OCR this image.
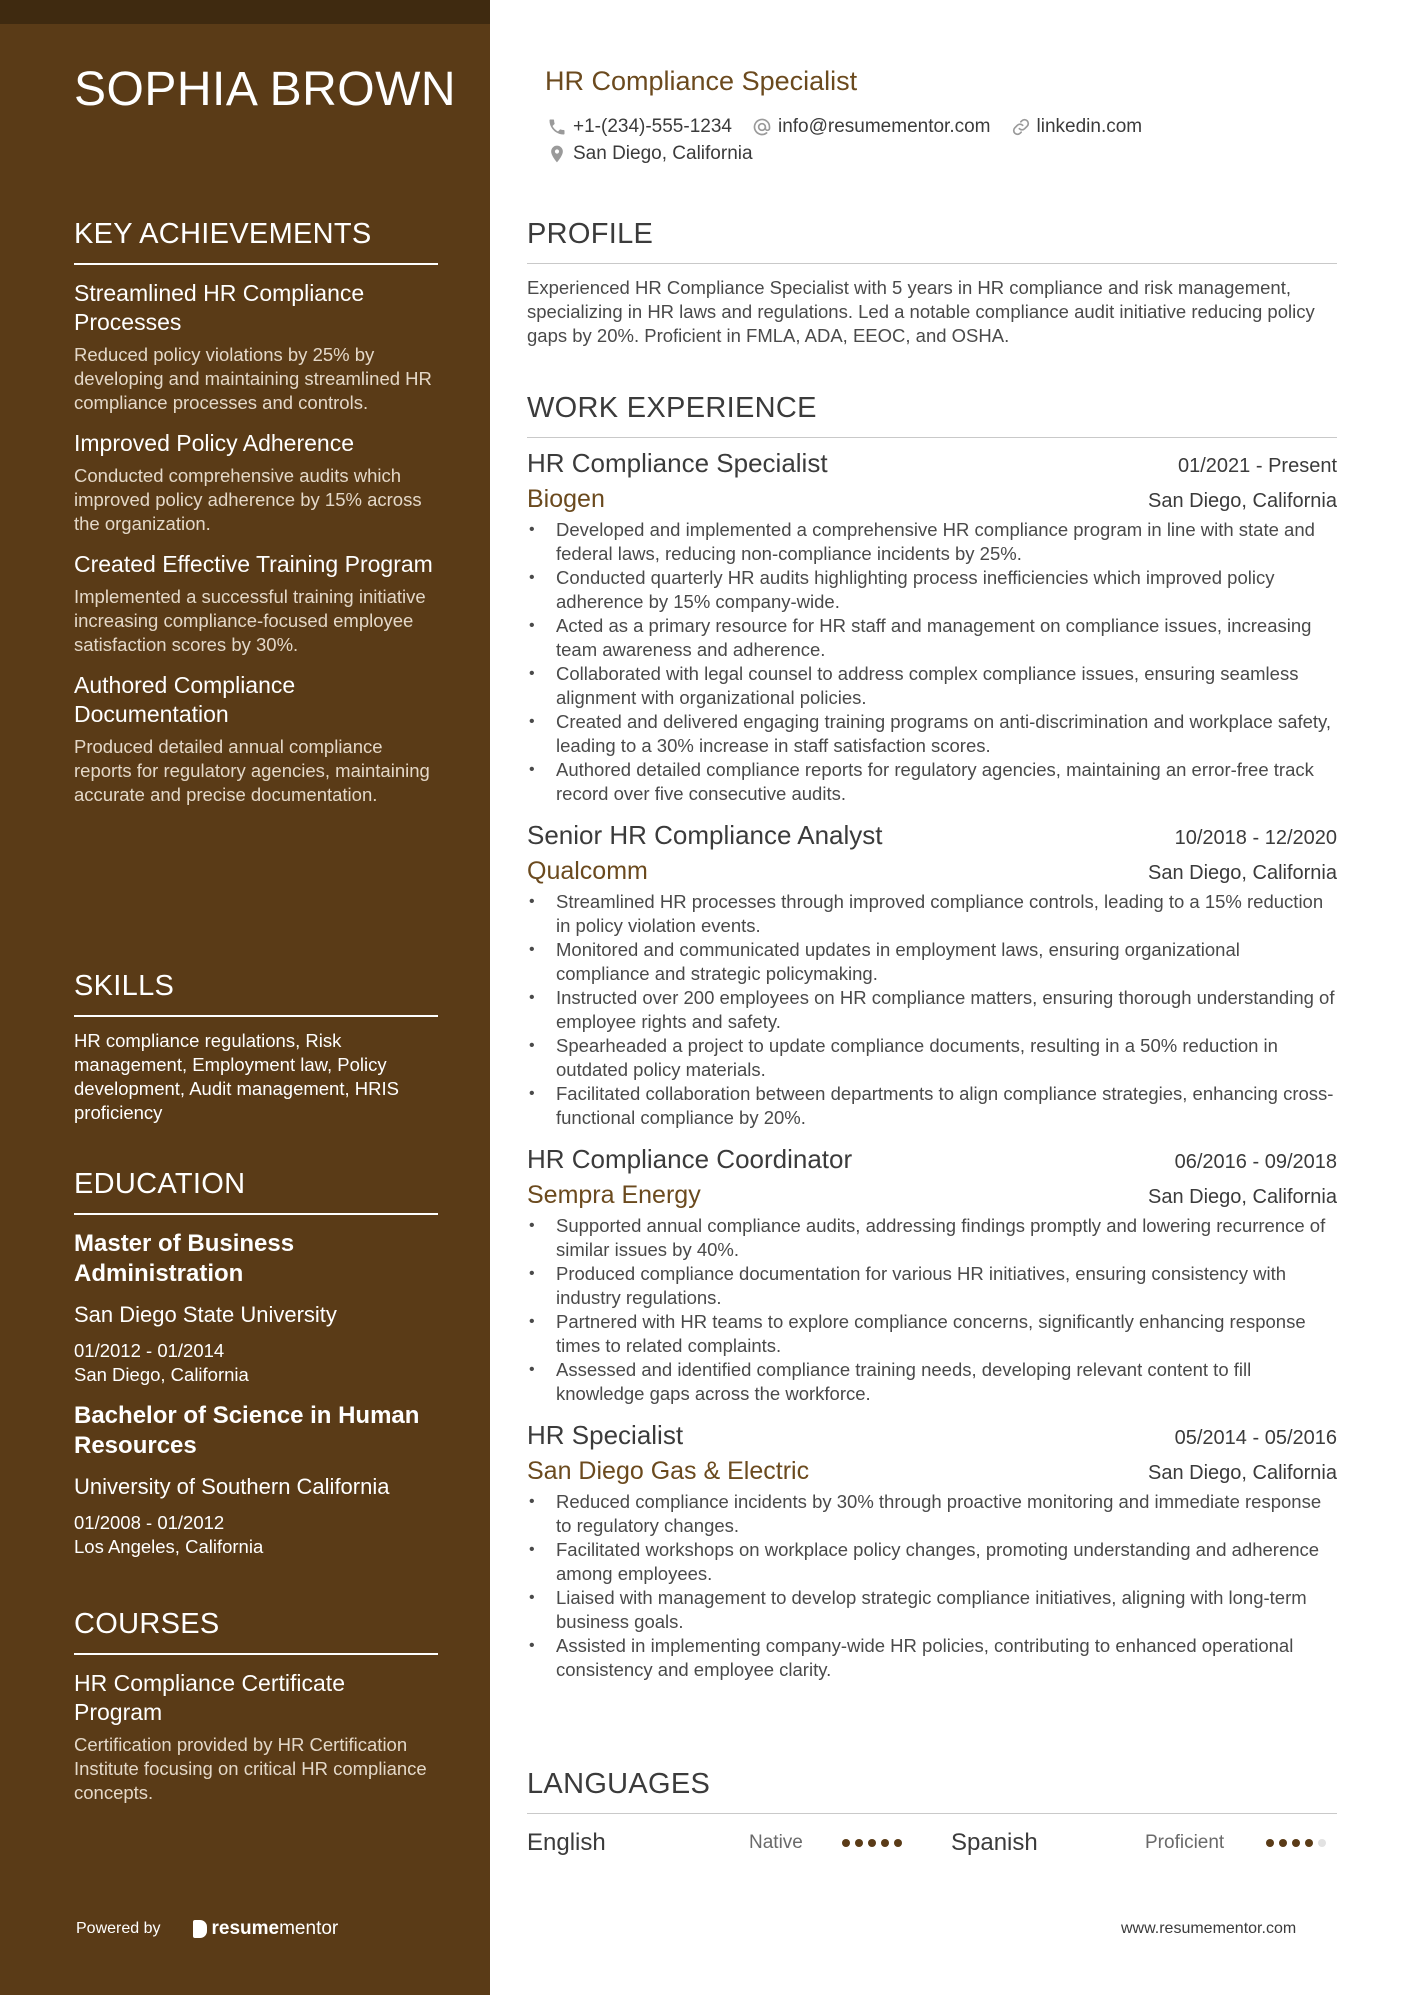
SOPHIA BROWN
KEY ACHIEVEMENTS
Streamlined HR Compliance Processes
Reduced policy violations by 25% by developing and maintaining streamlined HR compliance processes and controls.
Improved Policy Adherence
Conducted comprehensive audits which improved policy adherence by 15% across the organization.
Created Effective Training Program
Implemented a successful training initiative increasing compliance-focused employee satisfaction scores by 30%.
Authored Compliance Documentation
Produced detailed annual compliance reports for regulatory agencies, maintaining accurate and precise documentation.
SKILLS
HR compliance regulations, Risk management, Employment law, Policy development, Audit management, HRIS proficiency
EDUCATION
Master of Business Administration
San Diego State University
01/2012 - 01/2014
San Diego, California
Bachelor of Science in Human Resources
University of Southern California
01/2008 - 01/2012
Los Angeles, California
COURSES
HR Compliance Certificate Program
Certification provided by HR Certification Institute focusing on critical HR compliance concepts.
Powered by	resume mentor
HR Compliance Specialist
+1-(234)-555-1234 info@resumementor.com linkedin.com
San Diego, California
PROFILE
Experienced HR Compliance Specialist with 5 years in HR compliance and risk management, specializing in HR laws and regulations. Led a notable compliance audit initiative reducing policy gaps by 20%. Proficient in FMLA, ADA, EEOC, and OSHA.
WORK EXPERIENCE
HR Compliance Specialist	01/2021 - Present
Biogen	San Diego, California
• Developed and implemented a comprehensive HR compliance program in line with state and federal laws, reducing non-compliance incidents by 25%.
• Conducted quarterly HR audits highlighting process inefficiencies which improved policy adherence by 15% company-wide.
• Acted as a primary resource for HR staff and management on compliance issues, increasing team awareness and adherence.
• Collaborated with legal counsel to address complex compliance issues, ensuring seamless alignment with organizational policies.
• Created and delivered engaging training programs on anti-discrimination and workplace safety, leading to a 30% increase in staff satisfaction scores.
• Authored detailed compliance reports for regulatory agencies, maintaining an error-free track record over five consecutive audits.
Senior HR Compliance Analyst	10/2018 - 12/2020
Qualcomm	San Diego, California
• Streamlined HR processes through improved compliance controls, leading to a 15% reduction in policy violation events.
• Monitored and communicated updates in employment laws, ensuring organizational compliance and strategic policymaking.
• Instructed over 200 employees on HR compliance matters, ensuring thorough understanding of employee rights and safety.
• Spearheaded a project to update compliance documents, resulting in a 50% reduction in outdated policy materials.
• Facilitated collaboration between departments to align compliance strategies, enhancing cross-functional compliance by 20%.
HR Compliance Coordinator	06/2016 - 09/2018
Sempra Energy	San Diego, California
• Supported annual compliance audits, addressing findings promptly and lowering recurrence of similar issues by 40%.
• Produced compliance documentation for various HR initiatives, ensuring consistency with industry regulations.
• Partnered with HR teams to explore compliance concerns, significantly enhancing response times to related complaints.
• Assessed and identified compliance training needs, developing relevant content to fill knowledge gaps across the workforce.
HR Specialist	05/2014 - 05/2016
San Diego Gas & Electric	San Diego, California
• Reduced compliance incidents by 30% through proactive monitoring and immediate response to regulatory changes.
• Facilitated workshops on workplace policy changes, promoting understanding and adherence among employees.
• Liaised with management to develop strategic compliance initiatives, aligning with long-term business goals.
• Assisted in implementing company-wide HR policies, contributing to enhanced operational consistency and employee clarity.
LANGUAGES
English	Native	Spanish	Proficient
www.resumementor.com
